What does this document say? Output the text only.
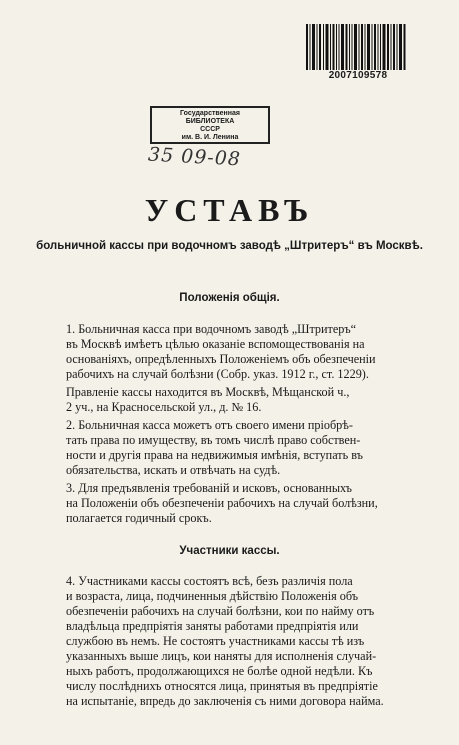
2007109578
Государственная
БИБЛИОТЕКА
СССР
им. В. И. Ленина
35 09-08
УСТАВЪ
больничной кассы при водочномъ заводѣ „Штритеръ“ въ Москвѣ.
Положенія общія.

1. Больничная касса при водочномъ заводѣ „Штритеръ“
въ Москвѣ имѣетъ цѣлью оказаніе вспомоществованія на
основаніяхъ, опредѣленныхъ Положеніемъ объ обезпеченіи
рабочихъ на случай болѣзни (Собр. указ. 1912 г., ст. 1229).

Правленіе кассы находится въ Москвѣ, Мѣщанской ч.,
2 уч., на Красносельской ул., д. № 16.

2. Больничная касса можетъ отъ своего имени пріобрѣ-
тать права по имуществу, въ томъ числѣ право собствен-
ности и другія права на недвижимыя имѣнія, вступать въ
обязательства, искать и отвѣчать на судѣ.

3. Для предъявленія требованій и исковъ, основанныхъ
на Положеніи объ обезпеченіи рабочихъ на случай болѣзни,
полагается годичный срокъ.

Участники кассы.

4. Участниками кассы состоятъ всѣ, безъ различія пола
и возраста, лица, подчиненныя дѣйствію Положенія объ
обезпеченіи рабочихъ на случай болѣзни, кои по найму отъ
владѣльца предпріятія заняты работами предпріятія или
службою въ немъ. Не состоятъ участниками кассы тѣ изъ
указанныхъ выше лицъ, кои наняты для исполненія случай-
ныхъ работъ, продолжающихся не болѣе одной недѣли. Къ
числу послѣднихъ относятся лица, принятыя въ предпріятіе
на испытаніе, впредь до заключенія съ ними договора найма.
